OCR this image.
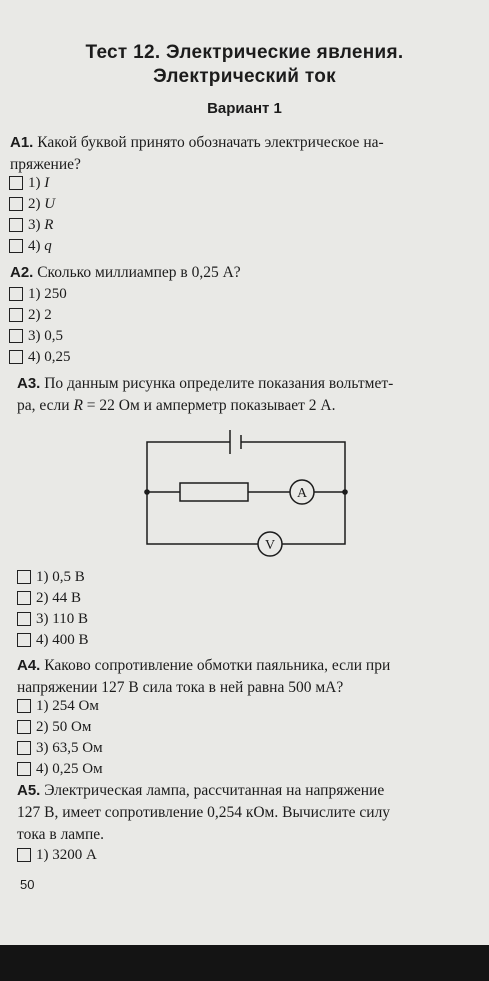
Тест 12. Электрические явления.
Электрический ток
Вариант 1
A1. Какой буквой принято обозначать электрическое на-
пряжение?
1)
I
2)
U
3)
R
4)
q
A2. Сколько миллиампер в 0,25 А?
1)
250
2)
2
3)
0,5
4)
0,25
A3. По данным рисунка определите показания вольтмет-
ра, если R = 22 Ом и амперметр показывает 2 А.
A
V
1)
0,5 В
2)
44 В
3)
110 В
4)
400 В
A4. Каково сопротивление обмотки паяльника, если при
напряжении 127 В сила тока в ней равна 500 мА?
1)
254 Ом
2)
50 Ом
3)
63,5 Ом
4)
0,25 Ом
A5. Электрическая лампа, рассчитанная на напряжение
127 В, имеет сопротивление 0,254 кОм. Вычислите силу
тока в лампе.
1)
3200 А
50
